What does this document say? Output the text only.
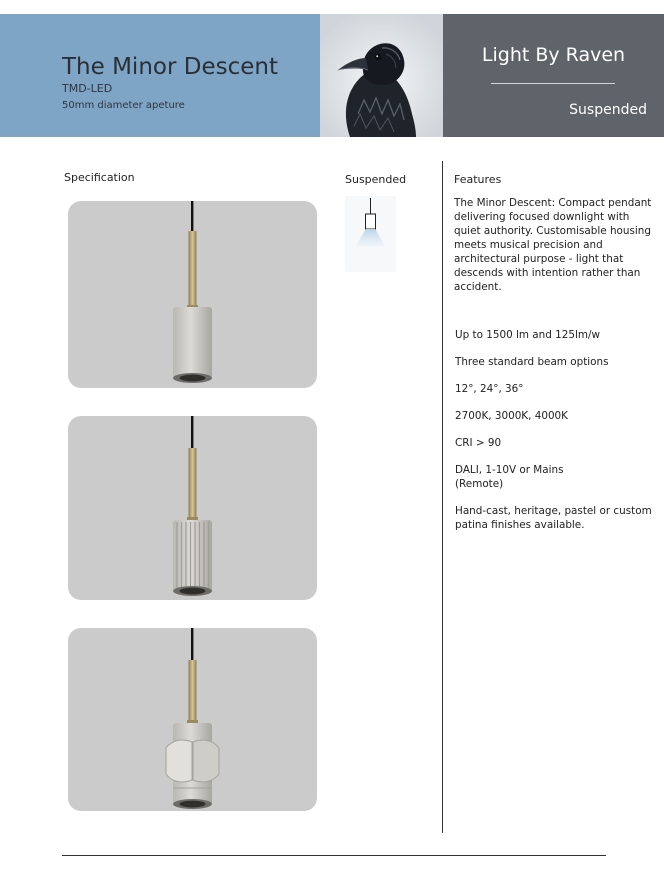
The Minor Descent
TMD-LED
50mm diameter apeture
Light By Raven
Suspended
Specification	Suspended	Features
The Minor Descent: Compact pendant delivering focused downlight with quiet authority. Customisable housing meets musical precision and architectural purpose - light that descends with intention rather than accident.
Up to 1500 lm and 125lm/w
Three standard beam options
12°, 24°, 36°
2700K, 3000K, 4000K
CRI > 90
DALI, 1-10V or Mains (Remote)
Hand-cast, heritage, pastel or custom patina finishes available.
